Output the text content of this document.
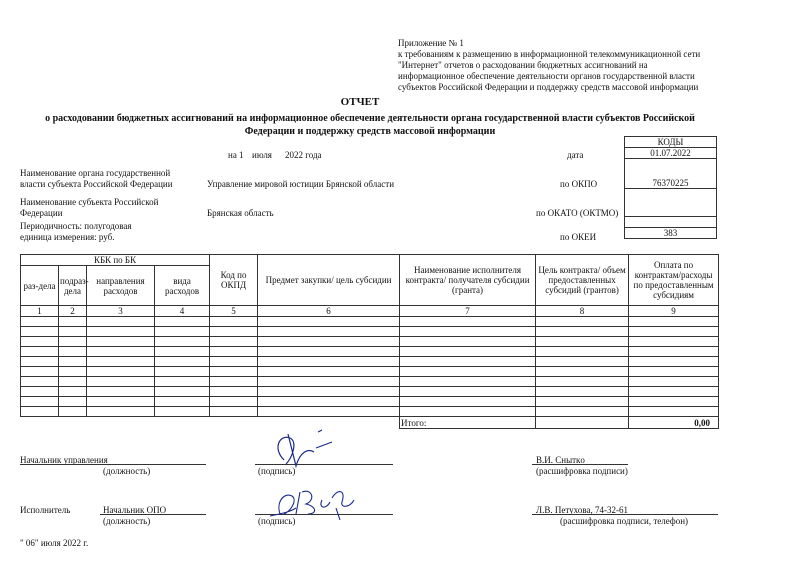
Приложение № 1
к требованиям к размещению в информационной телекоммуникационной сети
"Интернет" отчетов о расходовании бюджетных ассигнований на
информационное обеспечение деятельности органов государственной власти
субъектов Российской Федерации и поддержку средств массовой информации
ОТЧЕТ
о расходовании бюджетных ассигнований на информационное обеспечение деятельности органа государственной власти субъектов Российской Федерации и поддержку средств массовой информации
КОДЫ
01.07.2022
76370225

383
на 1 июля 2022 года	дата
Наименование органа государственной
власти субъекта Российской Федерации	Управление мировой юстиции Брянской области	по ОКПО
Наименование субъекта Российской
Федерации	Брянская область	по ОКАТО (ОКТМО)
Периодичность: полугодовая
единица измерения: руб.	по ОКЕИ
КБК по БК				Код по ОКПД	Предмет закупки/ цель субсидии	Наименование исполнителя контракта/ получателя субсидии (гранта)	Цель контракта/ объем предоставленных субсидий (грантов)	Оплата по контрактам/расходы по предоставленным субсидиям
раз-дела	подраз-дела	направления расходов	вида расходов					
1	2	3	4	5	6	7	8	9

						Итого:		0,00
Начальник управления
(должность)	(подпись)
В.И. Сныткo
(расшифровка подписи)
Исполнитель	Начальник ОПО
(должность)	(подпись)
Л.В. Петухова, 74-32-61
(расшифровка подписи, телефон)
" 06" июля 2022 г.
